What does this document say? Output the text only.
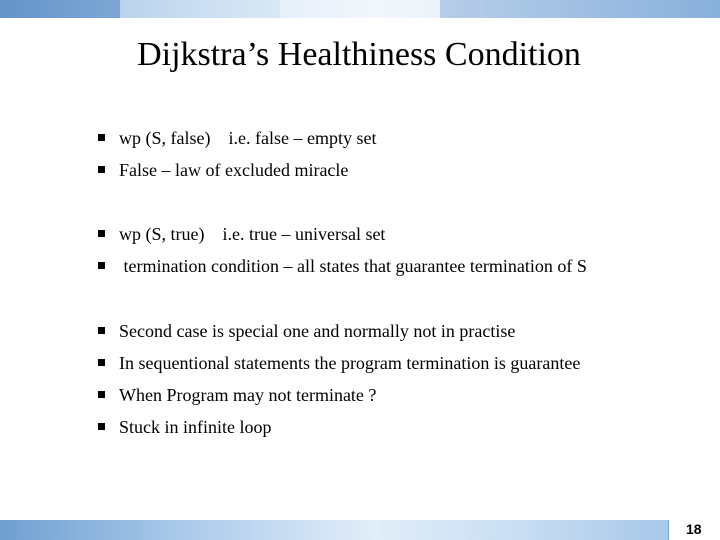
Dijkstra’s Healthiness Condition
wp (S, false) i.e. false – empty set
False – law of excluded miracle
wp (S, true) i.e. true – universal set
termination condition – all states that guarantee termination of S
Second case is special one and normally not in practise
In sequentional statements the program termination is guarantee
When Program may not terminate ?
Stuck in infinite loop
18
